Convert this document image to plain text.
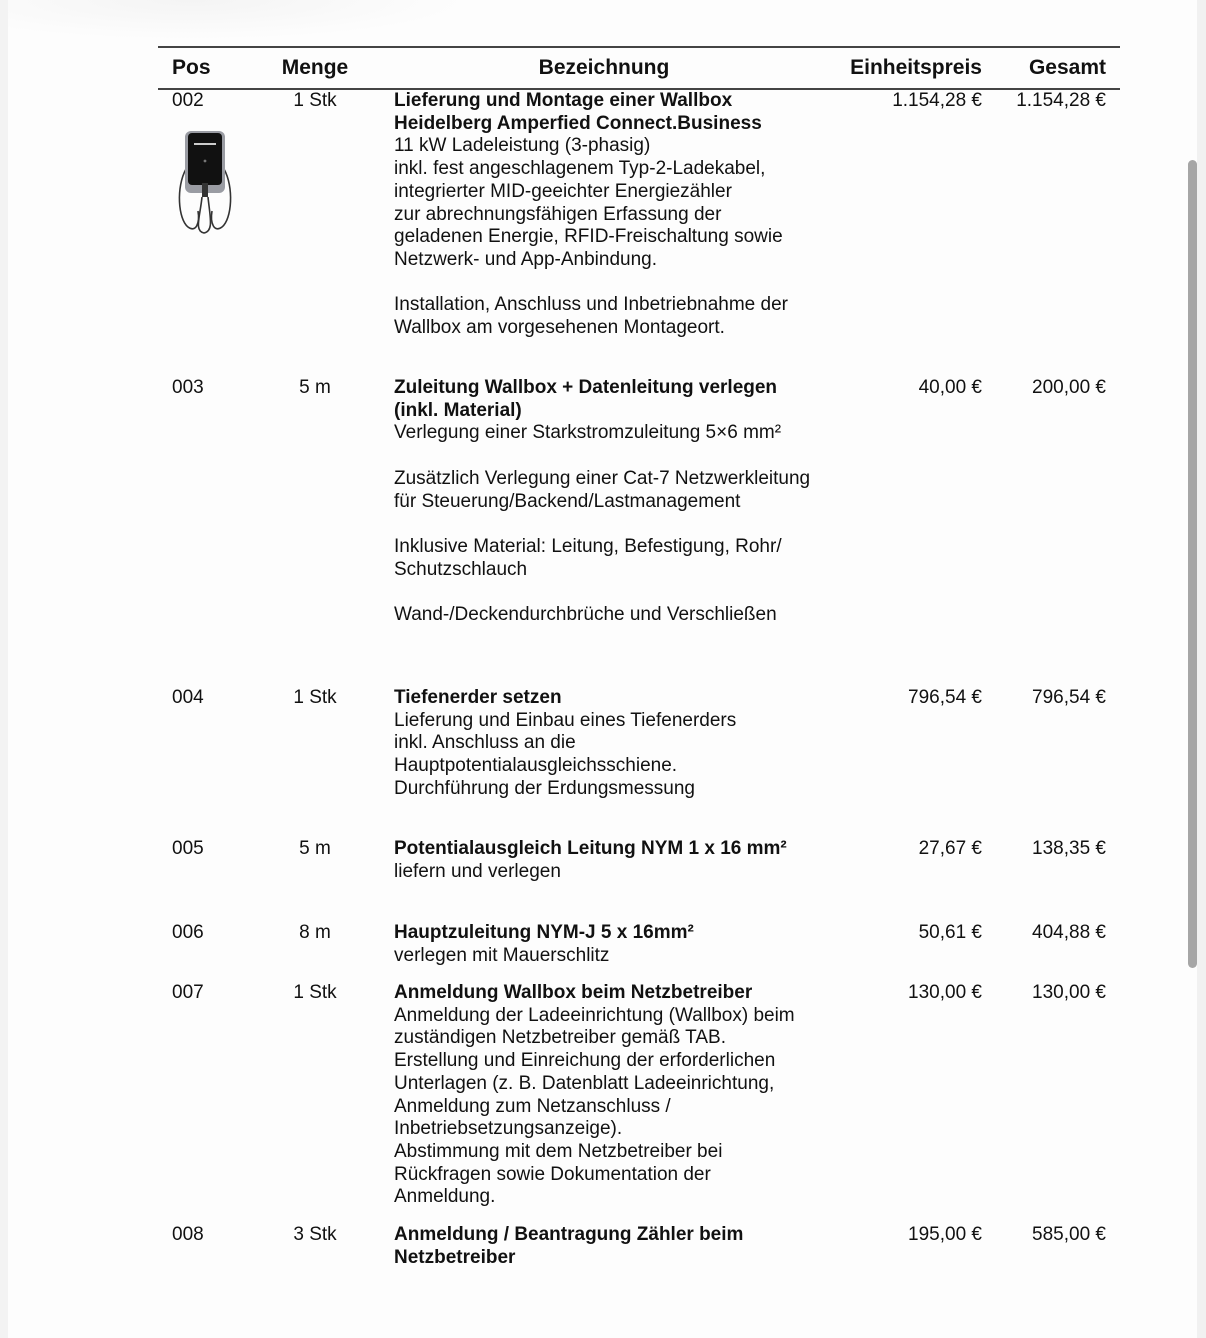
Pos	Menge	Bezeichnung	Einheitspreis	Gesamt
002	1 Stk	Lieferung und Montage einer Wallbox Heidelberg Amperfied Connect.Business
11 kW Ladeleistung (3-phasig)
inkl. fest angeschlagenem Typ-2-Ladekabel,
integrierter MID-geeichter Energiezähler
zur abrechnungsfähigen Erfassung der geladenen Energie, RFID-Freischaltung sowie Netzwerk- und App-Anbindung.
Installation, Anschluss und Inbetriebnahme der Wallbox am vorgesehenen Montageort.
	1.154,28 €	1.154,28 €
003	5 m	Zuleitung Wallbox + Datenleitung verlegen (inkl. Material)
Verlegung einer Starkstromzuleitung 5×6 mm²
Zusätzlich Verlegung einer Cat-7 Netzwerkleitung für Steuerung/Backend/Lastmanagement
Inklusive Material: Leitung, Befestigung, Rohr/ Schutzschlauch
Wand-/Deckendurchbrüche und Verschließen	40,00 €	200,00 €
004	1 Stk	Tiefenerder setzen
Lieferung und Einbau eines Tiefenerders
inkl. Anschluss an die Hauptpotentialausgleichsschiene.
Durchführung der Erdungsmessung	796,54 €	796,54 €
005	5 m	Potentialausgleich Leitung NYM 1 x 16 mm²
liefern und verlegen	27,67 €	138,35 €
006	8 m	Hauptzuleitung NYM-J 5 x 16mm²
verlegen mit Mauerschlitz	50,61 €	404,88 €
007	1 Stk	Anmeldung Wallbox beim Netzbetreiber
Anmeldung der Ladeeinrichtung (Wallbox) beim zuständigen Netzbetreiber gemäß TAB.
Erstellung und Einreichung der erforderlichen Unterlagen (z. B. Datenblatt Ladeeinrichtung, Anmeldung zum Netzanschluss / Inbetriebsetzungsanzeige).
Abstimmung mit dem Netzbetreiber bei Rückfragen sowie Dokumentation der Anmeldung.	130,00 €	130,00 €
008	3 Stk	Anmeldung / Beantragung Zähler beim Netzbetreiber	195,00 €	585,00 €
